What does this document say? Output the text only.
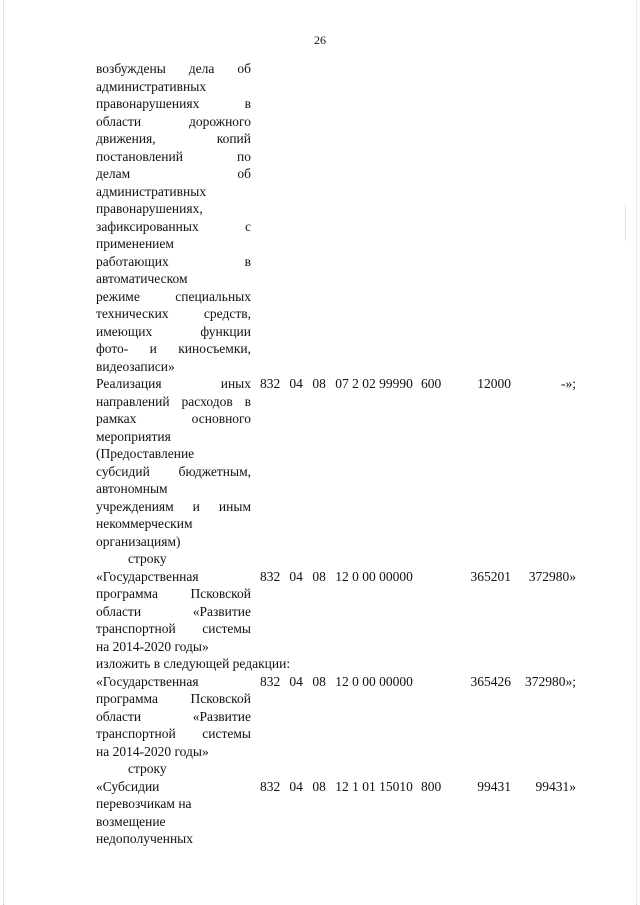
26
возбуждены дела об
административных
правонарушениях в
области дорожного
движения, копий
постановлений по
делам об
административных
правонарушениях,
зафиксированных с
применением
работающих в
автоматическом
режиме специальных
технических средств,
имеющих функции
фото- и киносъемки,
видеозаписи»
Реализация иных
направлений расходов в
рамках основного
мероприятия
(Предоставление
субсидий бюджетным,
автономным
учреждениям и иным
некоммерческим
организациям)
832 04 08 07 2 02 99990 600	12000	-»;
строку
«Государственная
программа Псковской
области «Развитие
транспортной системы
на 2014-2020 годы»
832 04 08 12 0 00 00000	365201	372980»
изложить в следующей редакции:
«Государственная
программа Псковской
области «Развитие
транспортной системы
на 2014-2020 годы»
832 04 08 12 0 00 00000	365426	372980»;
строку
«Субсидии
перевозчикам на
возмещение
недополученных
832 04 08 12 1 01 15010 800	99431	99431»
